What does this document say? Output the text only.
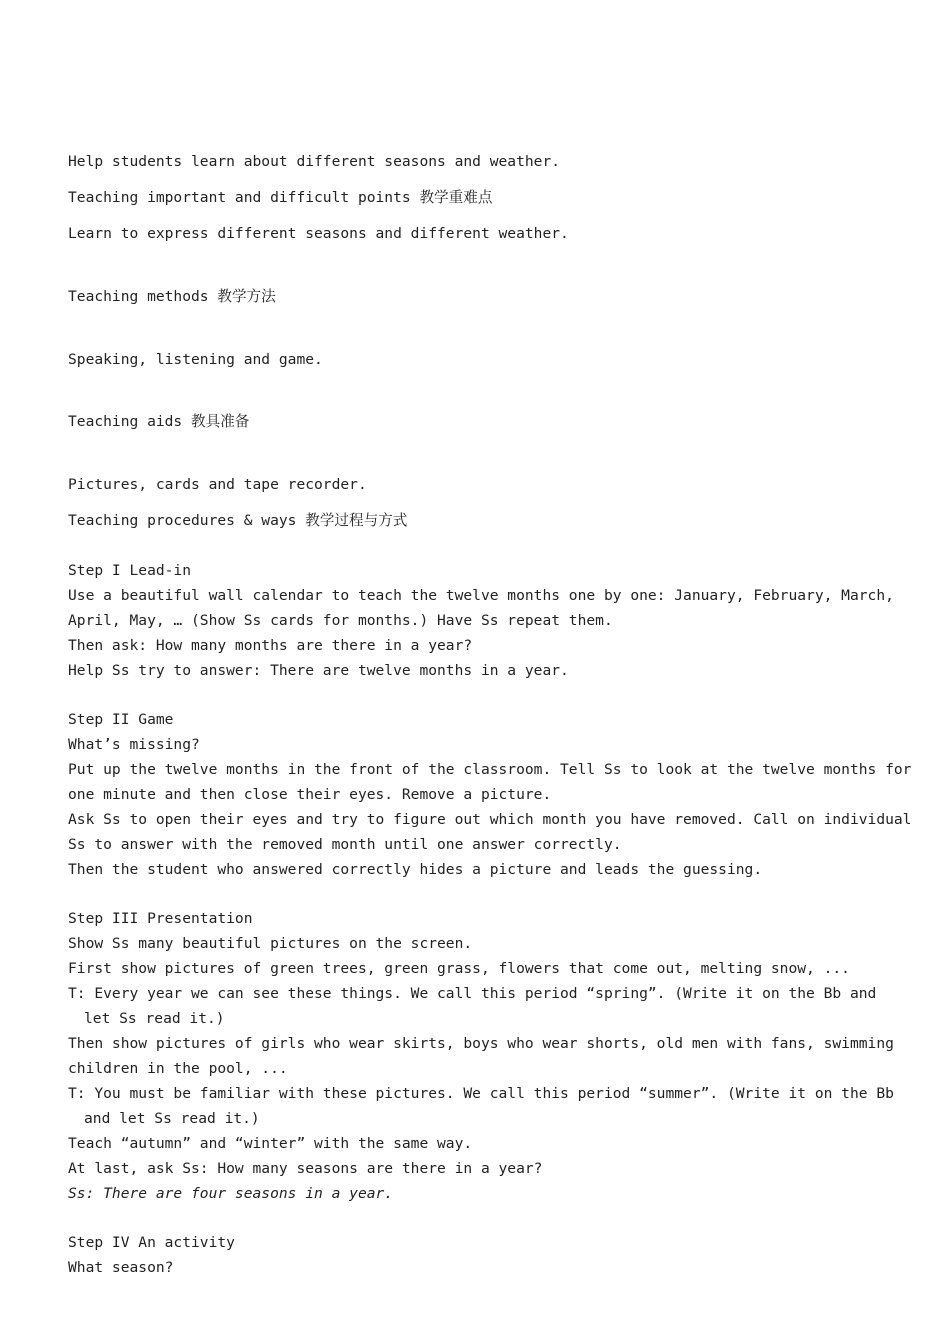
Help students learn about different seasons and weather.
Teaching important and difficult points 教学重难点
Learn to express different seasons and different weather.
Teaching methods 教学方法
Speaking, listening and game.
Teaching aids 教具准备
Pictures, cards and tape recorder.
Teaching procedures & ways 教学过程与方式
Step I Lead-in
Use a beautiful wall calendar to teach the twelve months one by one: January, February, March,
April, May, … (Show Ss cards for months.) Have Ss repeat them.
Then ask: How many months are there in a year?
Help Ss try to answer: There are twelve months in a year.
Step II Game
What’s missing?
Put up the twelve months in the front of the classroom. Tell Ss to look at the twelve months for
one minute and then close their eyes. Remove a picture.
Ask Ss to open their eyes and try to figure out which month you have removed. Call on individual
Ss to answer with the removed month until one answer correctly.
Then the student who answered correctly hides a picture and leads the guessing.
Step III Presentation
Show Ss many beautiful pictures on the screen.
First show pictures of green trees, green grass, flowers that come out, melting snow, ...
T: Every year we can see these things. We call this period “spring”. (Write it on the Bb and
let Ss read it.)
Then show pictures of girls who wear skirts, boys who wear shorts, old men with fans, swimming
children in the pool, ...
T: You must be familiar with these pictures. We call this period “summer”. (Write it on the Bb
and let Ss read it.)
Teach “autumn” and “winter” with the same way.
At last, ask Ss: How many seasons are there in a year?
Ss: There are four seasons in a year.
Step IV An activity
What season?
